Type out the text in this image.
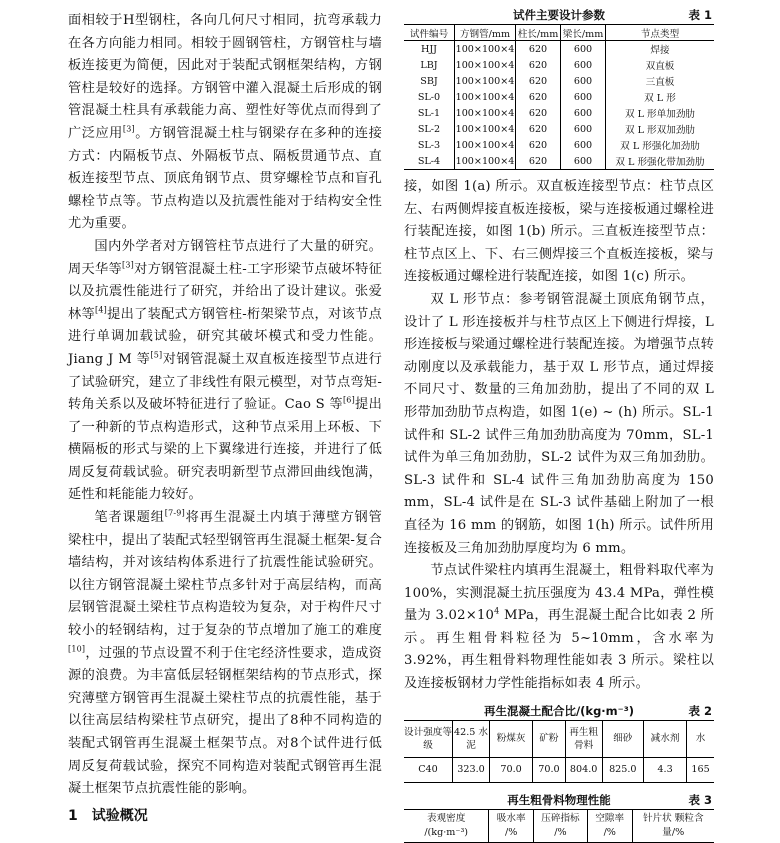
面相较于H型钢柱，各向几何尺寸相同，抗弯承载力在各方向能力相同。相较于圆钢管柱，方钢管柱与墙板连接更为简便，因此对于装配式钢框架结构，方钢管柱是较好的选择。方钢管中灌入混凝土后形成的钢管混凝土柱具有承载能力高、塑性好等优点而得到了广泛应用[3]。方钢管混凝土柱与钢梁存在多种的连接方式：内隔板节点、外隔板节点、隔板贯通节点、直板连接型节点、顶底角钢节点、贯穿螺栓节点和盲孔螺栓节点等。节点构造以及抗震性能对于结构安全性尤为重要。

国内外学者对方钢管柱节点进行了大量的研究。周天华等[3]对方钢管混凝土柱-工字形梁节点破坏特征以及抗震性能进行了研究，并给出了设计建议。张爱林等[4]提出了装配式方钢管柱-桁架梁节点，对该节点进行单调加载试验，研究其破坏模式和受力性能。Jiang J M 等[5]对钢管混凝土双直板连接型节点进行了试验研究，建立了非线性有限元模型，对节点弯矩-转角关系以及破坏特征进行了验证。Cao S 等[6]提出了一种新的节点构造形式，这种节点采用上环板、下横隔板的形式与梁的上下翼缘进行连接，并进行了低周反复荷载试验。研究表明新型节点滞回曲线饱满，延性和耗能能力较好。

笔者课题组[7-9]将再生混凝土内填于薄壁方钢管梁柱中，提出了装配式轻型钢管再生混凝土框架-复合墙结构，并对该结构体系进行了抗震性能试验研究。以往方钢管混凝土梁柱节点多针对于高层结构，而高层钢管混凝土梁柱节点构造较为复杂，对于构件尺寸较小的轻钢结构，过于复杂的节点增加了施工的难度[10]，过强的节点设置不利于住宅经济性要求，造成资源的浪费。为丰富低层轻钢框架结构的节点形式，探究薄壁方钢管再生混凝土梁柱节点的抗震性能，基于以往高层结构梁柱节点研究，提出了8种不同构造的装配式钢管再生混凝土框架节点。对8个试件进行低周反复荷载试验，探究不同构造对装配式钢管再生混凝土框架节点抗震性能的影响。

1　试验概况
试件主要设计参数	表 1
试件编号	方钢管/mm	柱长/mm	梁长/mm	节点类型
HJJ	100×100×4	620	600	焊接
LBJ	100×100×4	620	600	双直板
SBJ	100×100×4	620	600	三直板
SL-0	100×100×4	620	600	双 L 形
SL-1	100×100×4	620	600	双 L 形单加劲肋
SL-2	100×100×4	620	600	双 L 形双加劲肋
SL-3	100×100×4	620	600	双 L 形强化加劲肋
SL-4	100×100×4	620	600	双 L 形强化带加劲肋

接，如图 1(a) 所示。双直板连接型节点：柱节点区左、右两侧焊接直板连接板，梁与连接板通过螺栓进行装配连接，如图 1(b) 所示。三直板连接型节点：柱节点区上、下、右三侧焊接三个直板连接板，梁与连接板通过螺栓进行装配连接，如图 1(c) 所示。

双 L 形节点：参考钢管混凝土顶底角钢节点，设计了 L 形连接板并与柱节点区上下侧进行焊接，L 形连接板与梁通过螺栓进行装配连接。为增强节点转动刚度以及承载能力，基于双 L 形节点，通过焊接不同尺寸、数量的三角加劲肋，提出了不同的双 L 形带加劲肋节点构造，如图 1(e) ~ (h) 所示。SL-1 试件和 SL-2 试件三角加劲肋高度为 70mm，SL-1 试件为单三角加劲肋，SL-2 试件为双三角加劲肋。SL-3 试件和 SL-4 试件三角加劲肋高度为 150 mm，SL-4 试件是在 SL-3 试件基础上附加了一根直径为 16 mm 的钢筋，如图 1(h) 所示。试件所用连接板及三角加劲肋厚度均为 6 mm。

节点试件梁柱内填再生混凝土，粗骨料取代率为 100%，实测混凝土抗压强度为 43.4 MPa，弹性模量为 $3.02\times 10^4$ MPa，再生混凝土配合比如表 2 所示。再生粗骨料粒径为 5~10mm，含水率为 3.92%，再生粗骨料物理性能如表 3 所示。梁柱以及连接板钢材力学性能指标如表 4 所示。

再生混凝土配合比/(kg·m⁻³)	表 2
设计强度等级	42.5 水泥	粉煤灰	矿粉	再生粗骨料	细砂	减水剂	水
C40	323.0	70.0	70.0	804.0	825.0	4.3	165
再生粗骨料物理性能	表 3
表观密度 /(kg·m⁻³)	吸水率 /%	压碎指标 /%	空隙率 /%	针片状 颗粒含量/%
